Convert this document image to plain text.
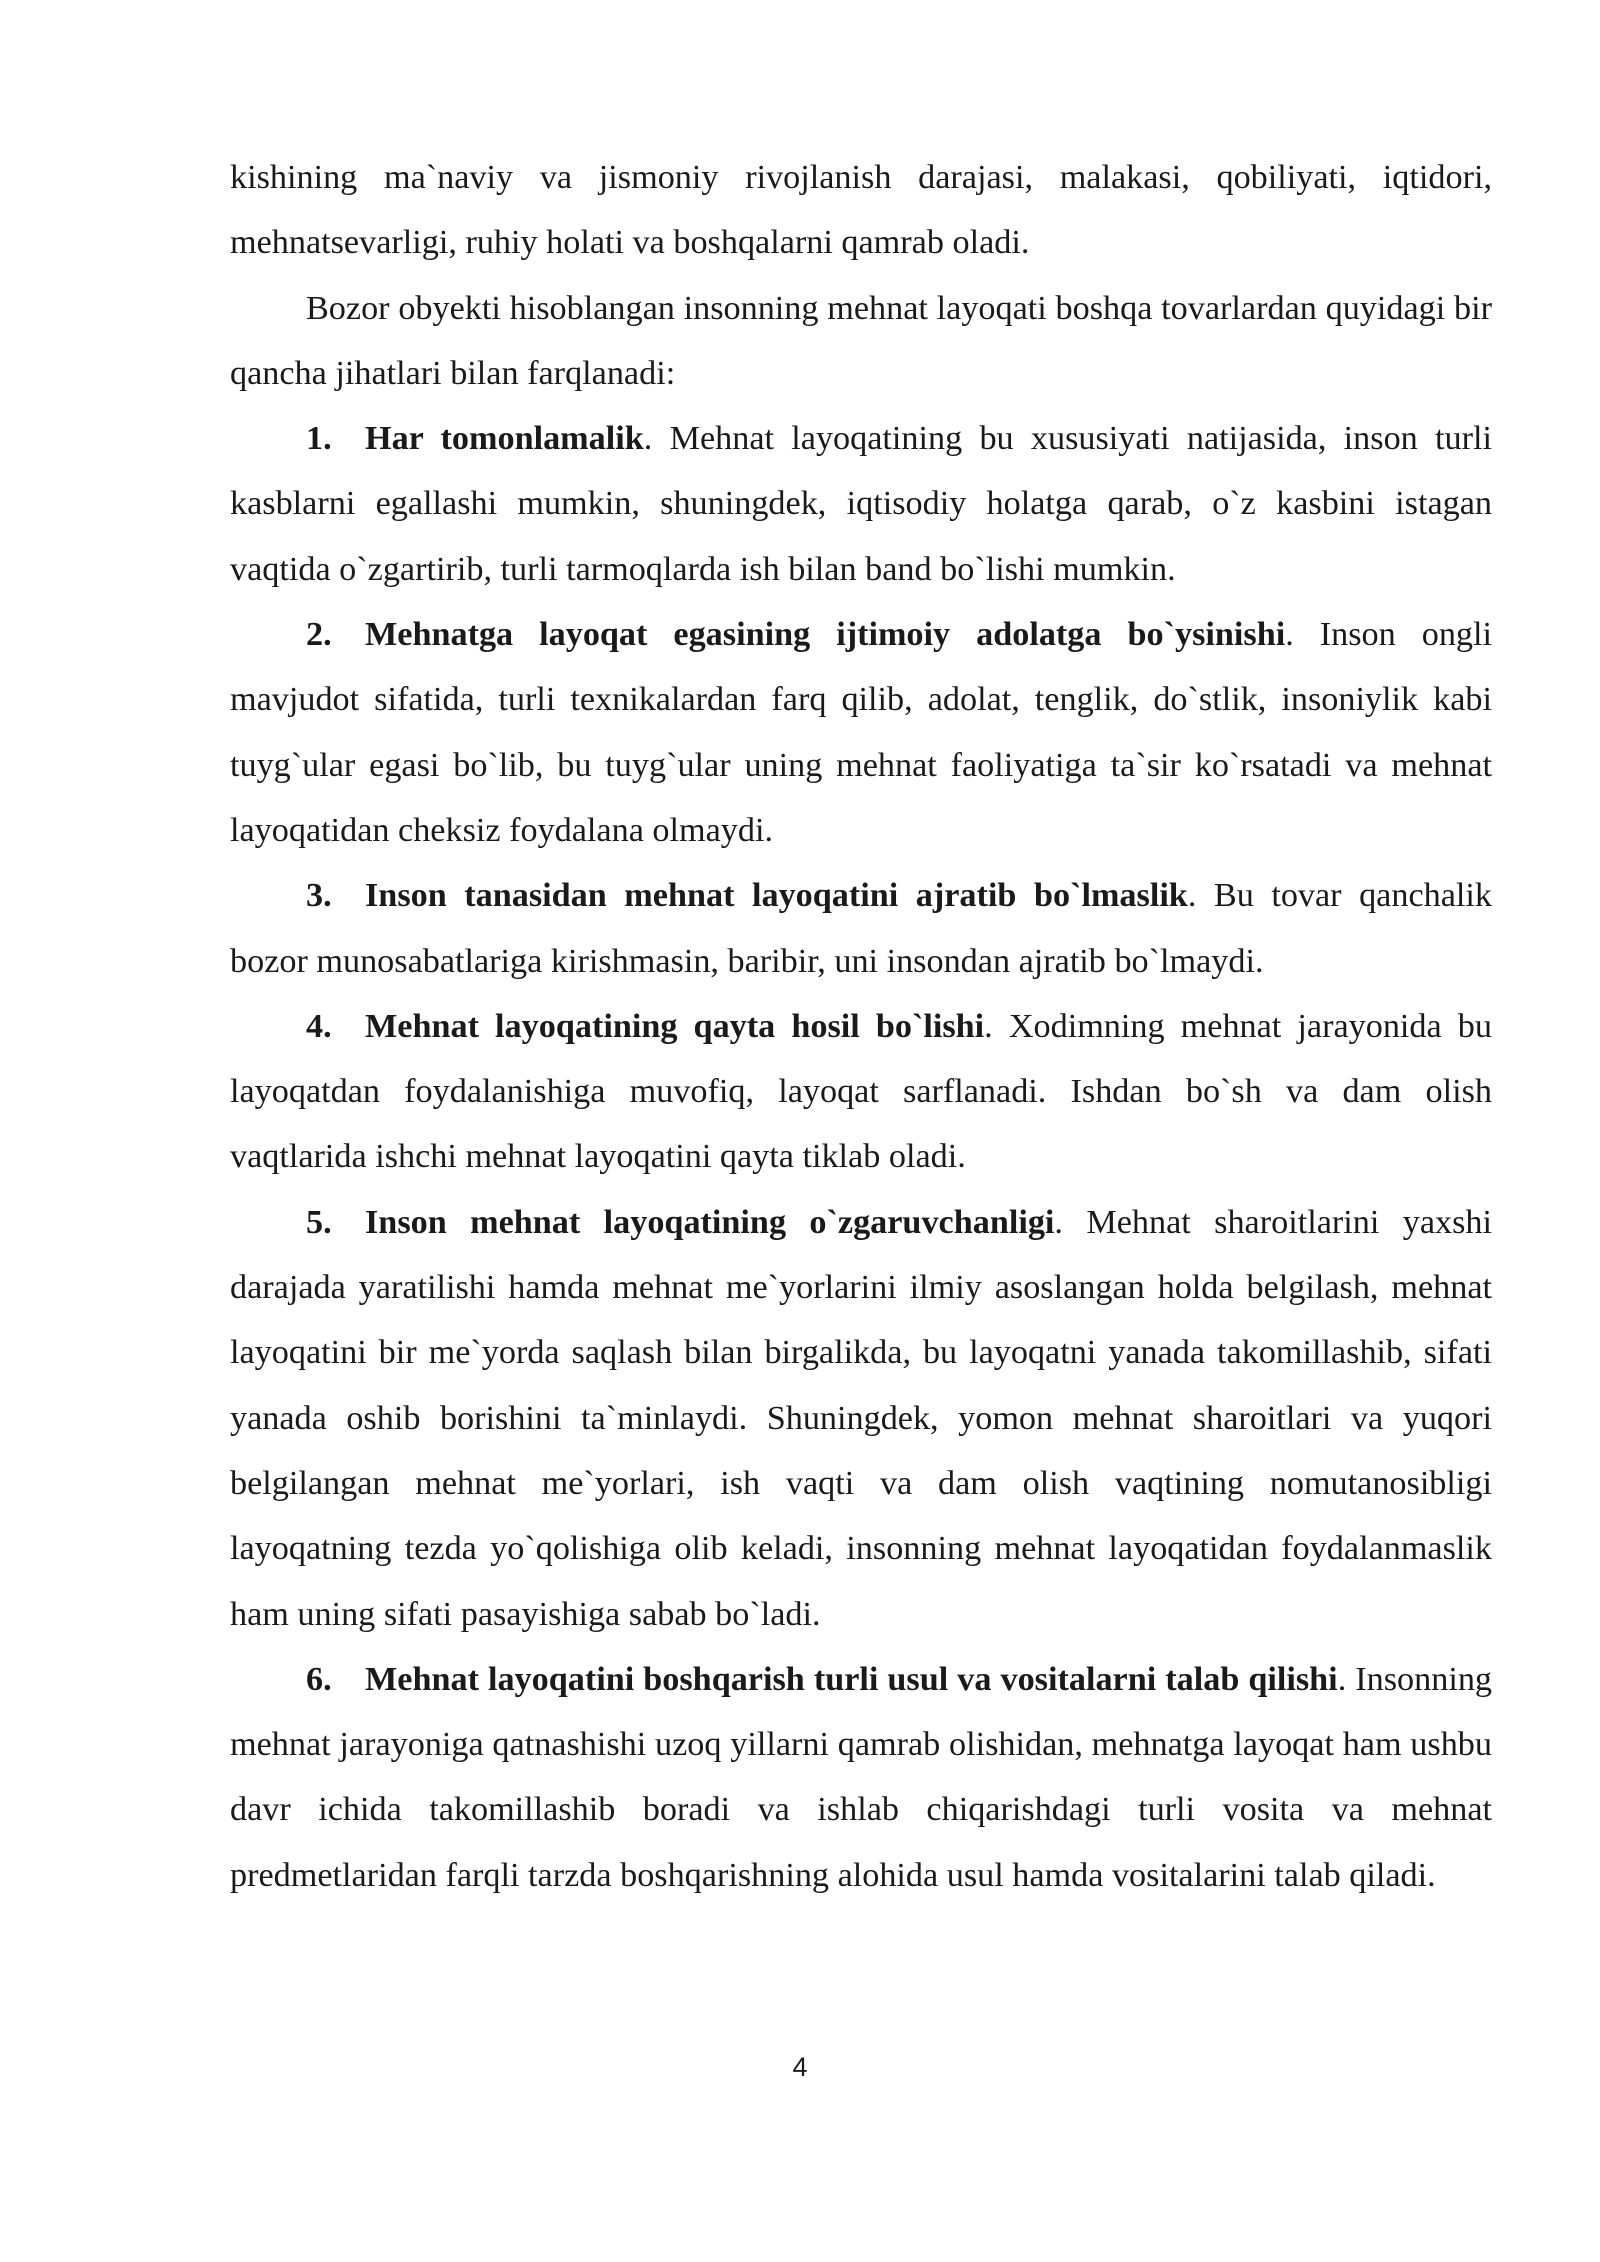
kishining ma`naviy va jismoniy rivojlanish darajasi, malakasi, qobiliyati, iqtidori, mehnatsevarligi, ruhiy holati va boshqalarni qamrab oladi.

Bozor obyekti hisoblangan insonning mehnat layoqati boshqa tovarlardan quyidagi bir qancha jihatlari bilan farqlanadi:

1. Har tomonlamalik. Mehnat layoqatining bu xususiyati natijasida, inson turli kasblarni egallashi mumkin, shuningdek, iqtisodiy holatga qarab, o`z kasbini istagan vaqtida o`zgartirib, turli tarmoqlarda ish bilan band bo`lishi mumkin.

2. Mehnatga layoqat egasining ijtimoiy adolatga bo`ysinishi. Inson ongli mavjudot sifatida, turli texnikalardan farq qilib, adolat, tenglik, do`stlik, insoniylik kabi tuyg`ular egasi bo`lib, bu tuyg`ular uning mehnat faoliyatiga ta`sir ko`rsatadi va mehnat layoqatidan cheksiz foydalana olmaydi.

3. Inson tanasidan mehnat layoqatini ajratib bo`lmaslik. Bu tovar qanchalik bozor munosabatlariga kirishmasin, baribir, uni insondan ajratib bo`lmaydi.

4. Mehnat layoqatining qayta hosil bo`lishi. Xodimning mehnat jarayonida bu layoqatdan foydalanishiga muvofiq, layoqat sarflanadi. Ishdan bo`sh va dam olish vaqtlarida ishchi mehnat layoqatini qayta tiklab oladi.

5. Inson mehnat layoqatining o`zgaruvchanligi. Mehnat sharoitlarini yaxshi darajada yaratilishi hamda mehnat me`yorlarini ilmiy asoslangan holda belgilash, mehnat layoqatini bir me`yorda saqlash bilan birgalikda, bu layoqatni yanada takomillashib, sifati yanada oshib borishini ta`minlaydi. Shuningdek, yomon mehnat sharoitlari va yuqori belgilangan mehnat me`yorlari, ish vaqti va dam olish vaqtining nomutanosibligi layoqatning tezda yo`qolishiga olib keladi, insonning mehnat layoqatidan foydalanmaslik ham uning sifati pasayishiga sabab bo`ladi.

6. Mehnat layoqatini boshqarish turli usul va vositalarni talab qilishi. Insonning mehnat jarayoniga qatnashishi uzoq yillarni qamrab olishidan, mehnatga layoqat ham ushbu davr ichida takomillashib boradi va ishlab chiqarishdagi turli vosita va mehnat predmetlaridan farqli tarzda boshqarishning alohida usul hamda vositalarini talab qiladi.

4
